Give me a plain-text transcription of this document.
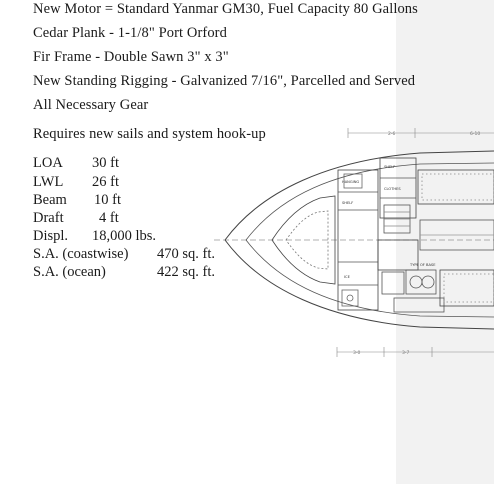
New Motor = Standard Yanmar GM30, Fuel Capacity 80 Gallons
Cedar Plank - 1-1/8" Port Orford
Fir Frame - Double Sawn 3" x 3"
New Standing Rigging - Galvanized 7/16", Parcelled and Served
All Necessary Gear
Requires new sails and system hook-up	2-6
3-0	3-7
6-10
HANGING
SHELF
CLOTHES
SHELF
TYPE OF BASE
ICE
LOA 30 ft
LWL 26 ft
Beam 10 ft
Draft 4 ft
Displ. 18,000 lbs.
S.A. (coastwise) 470 sq. ft.
S.A. (ocean)	422 sq. ft.
